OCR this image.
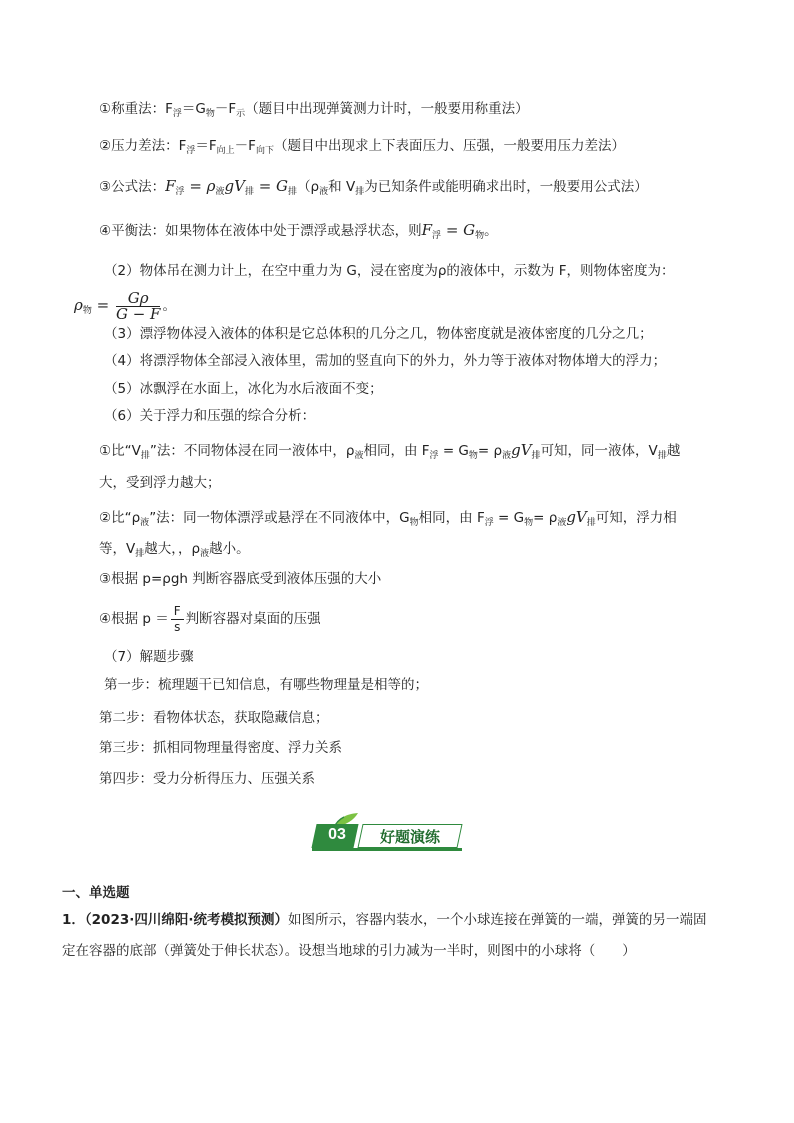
①称重法：$F_浮=G_物-F_示$（题目中出现弹簧测力计时，一般要用称重法）
②压力差法：$F_浮=F_{向上}-F_{向下}$（题目中出现求上下表面压力、压强，一般要用压力差法）
③公式法：$F_浮 = \rho_液gV_排 = G_排(\rho_液$和 $V_排$为已知条件或能明确求出时，一般要用公式法）
④平衡法：如果物体在液体中处于漂浮或悬浮状态，则$F_浮 = G_物$。
（2）物体吊在测力计上，在空中重力为 G，浸在密度为ρ的液体中，示数为 F，则物体密度为：
$\rho_物 = \frac{G\rho}{G - F}$ 。
（3）漂浮物体浸入液体的体积是它总体积的几分之几，物体密度就是液体密度的几分之几；
（4）将漂浮物体全部浸入液体里，需加的竖直向下的外力，外力等于液体对物体增大的浮力；
（5）冰飘浮在水面上，冰化为水后液面不变；
（6）关于浮力和压强的综合分析：
①比“$V_排$”法：不同物体浸在同一液体中，$\rho_液$相同，由 $F_浮 = G_物= \rho_液gV_排$可知，同一液体，$V_排$越
大，受到浮力越大；
②比“$\rho_液$”法：同一物体漂浮或悬浮在不同液体中，$G_物$相同，由 $F_浮 = G_物= \rho_液gV_排$可知，浮力相
等，$V_排$越大，，$\rho_液$越小。
③根据 p=ρgh 判断容器底受到液体压强的大小
④根据 $p = \frac{F}{s}$ 判断容器对桌面的压强
（7）解题步骤
第一步：梳理题干已知信息，有哪些物理量是相等的；
第二步：看物体状态，获取隐藏信息；
第三步：抓相同物理量得密度、浮力关系
第四步：受力分析得压力、压强关系
03	好题演练
一、单选题
1．（2023·四川绵阳·统考模拟预测）如图所示，容器内装水，一个小球连接在弹簧的一端，弹簧的另一端固
定在容器的底部（弹簧处于伸长状态）。设想当地球的引力减为一半时，则图中的小球将（　　）
